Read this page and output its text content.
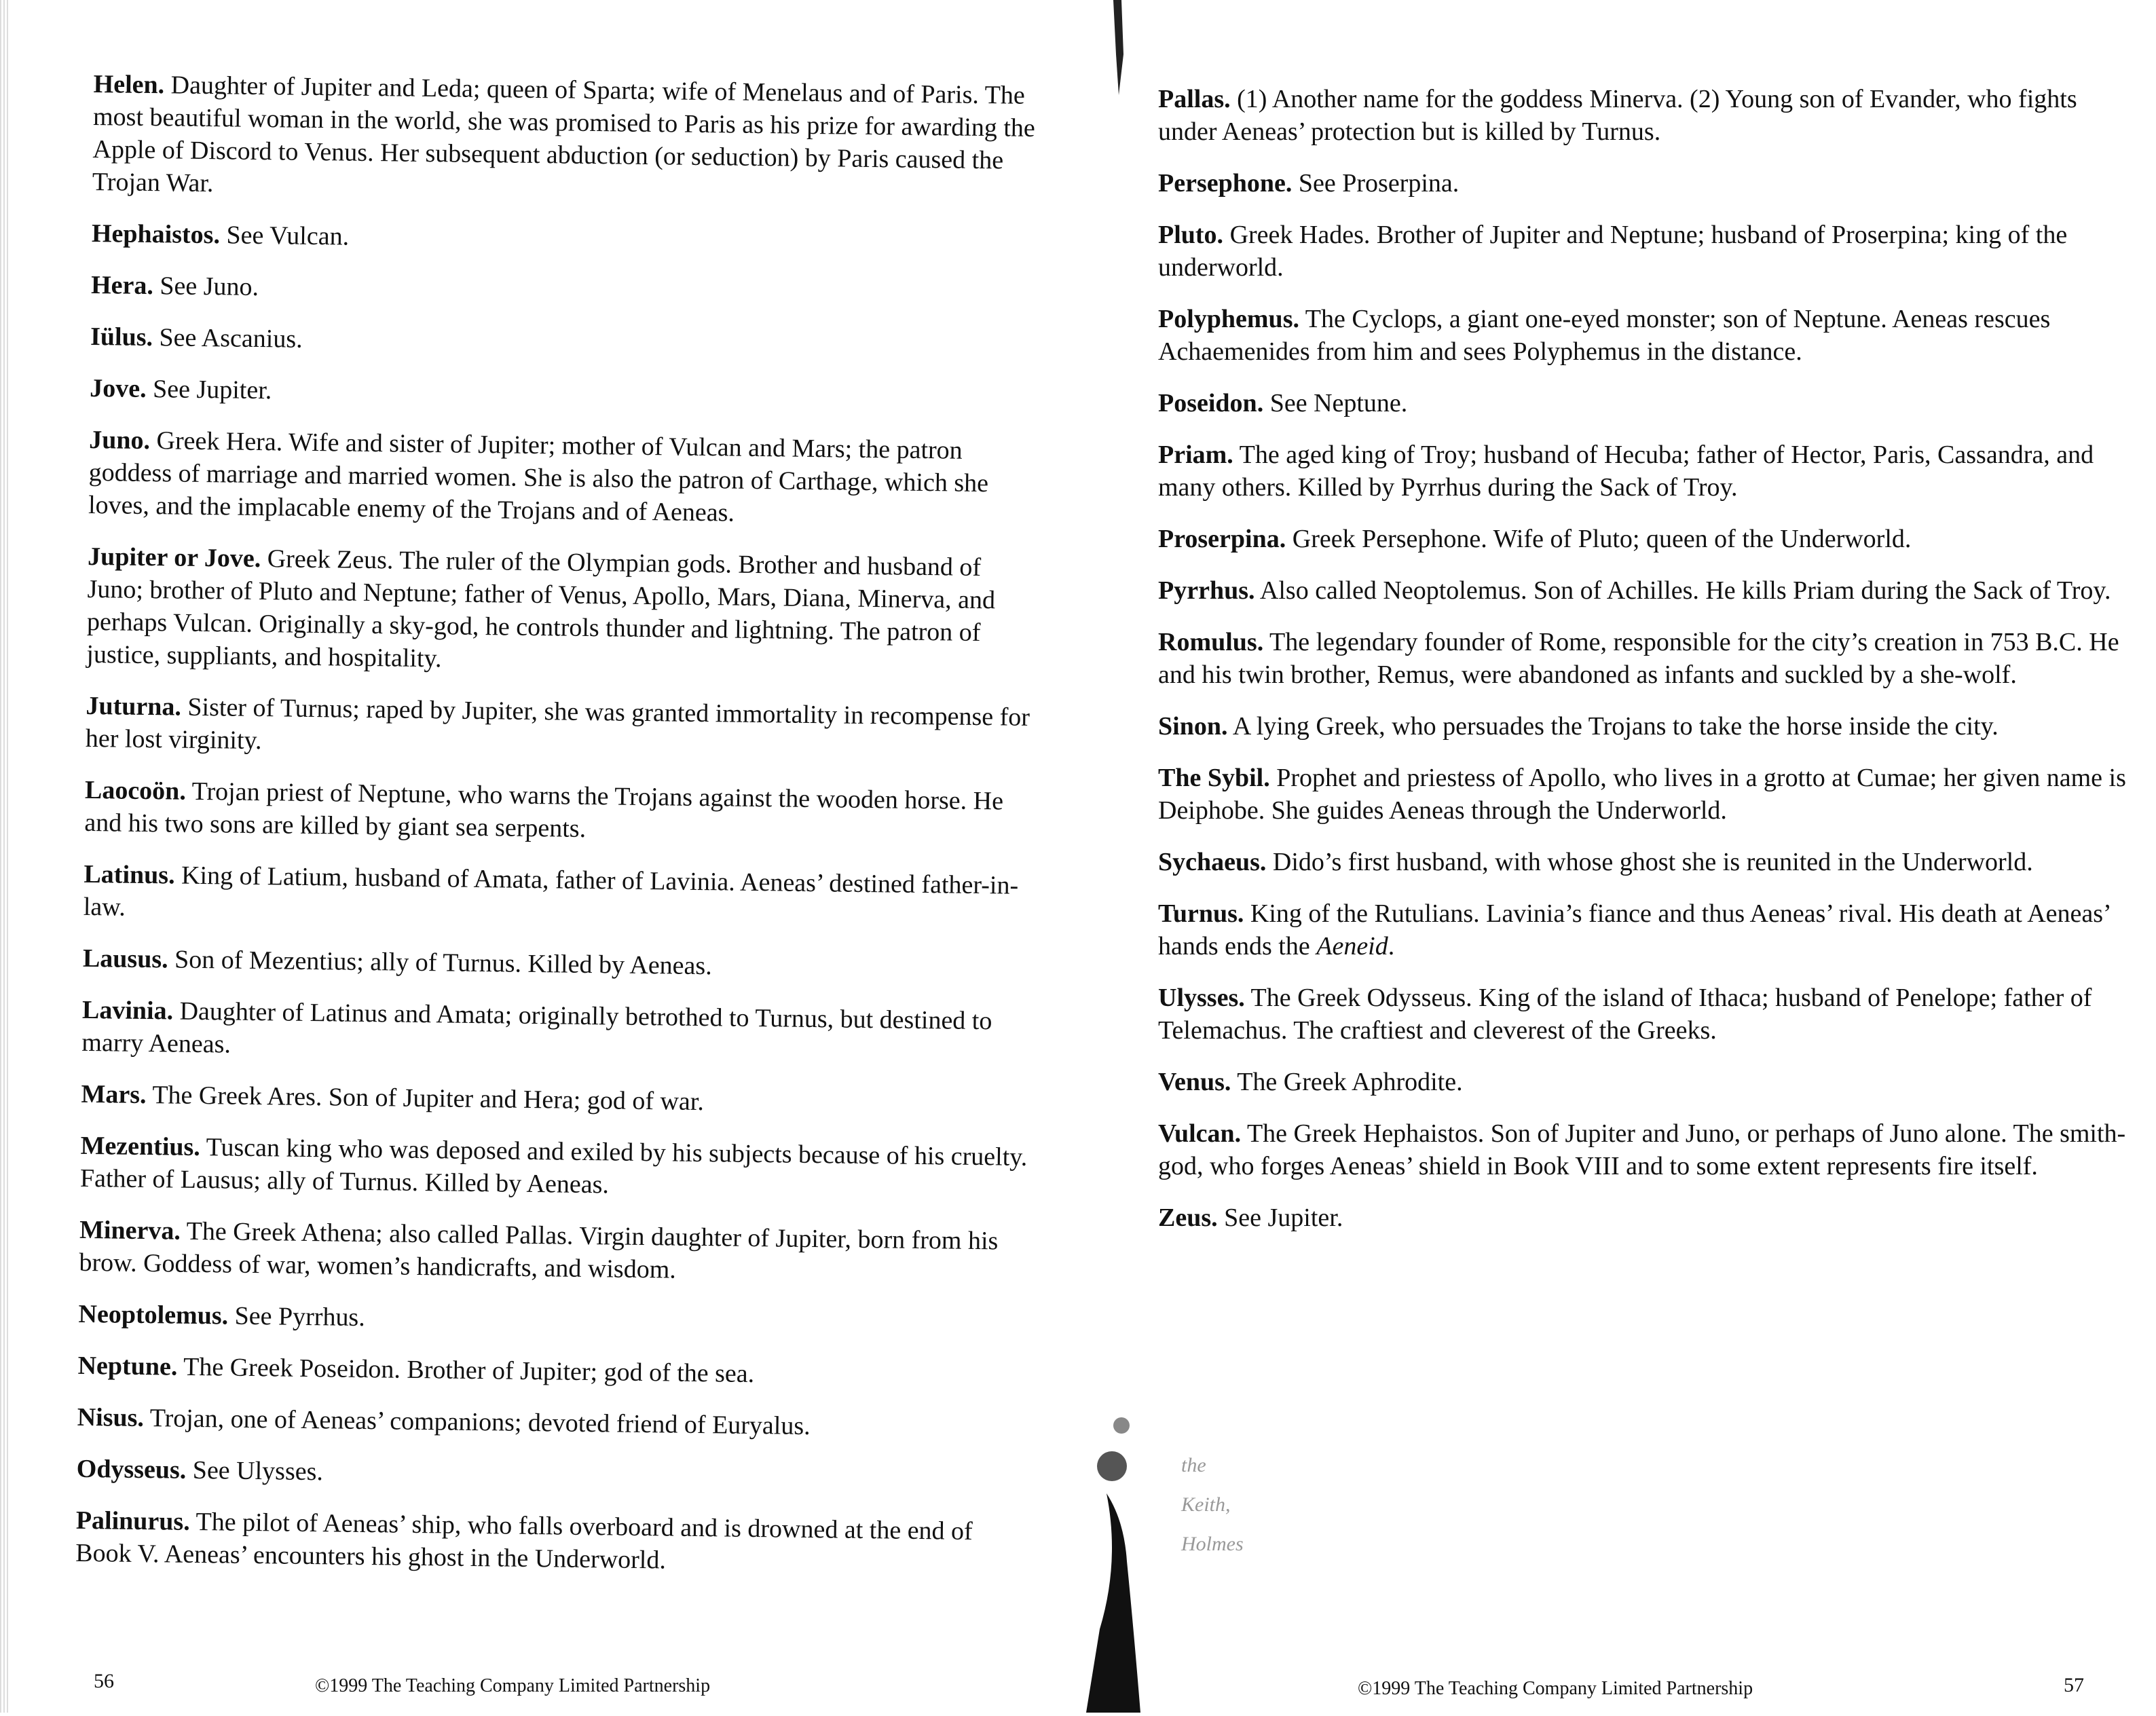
Helen. Daughter of Jupiter and Leda; queen of Sparta; wife of Menelaus and of Paris. The most beautiful woman in the world, she was promised to Paris as his prize for awarding the Apple of Discord to Venus. Her subsequent abduction (or seduction) by Paris caused the Trojan War.

Hephaistos. See Vulcan.

Hera. See Juno.

Iülus. See Ascanius.

Jove. See Jupiter.

Juno. Greek Hera. Wife and sister of Jupiter; mother of Vulcan and Mars; the patron goddess of marriage and married women. She is also the patron of Carthage, which she loves, and the implacable enemy of the Trojans and of Aeneas.

Jupiter or Jove. Greek Zeus. The ruler of the Olympian gods. Brother and husband of Juno; brother of Pluto and Neptune; father of Venus, Apollo, Mars, Diana, Minerva, and perhaps Vulcan. Originally a sky-god, he controls thunder and lightning. The patron of justice, suppliants, and hospitality.

Juturna. Sister of Turnus; raped by Jupiter, she was granted immortality in recompense for her lost virginity.

Laocoön. Trojan priest of Neptune, who warns the Trojans against the wooden horse. He and his two sons are killed by giant sea serpents.

Latinus. King of Latium, husband of Amata, father of Lavinia. Aeneas’ destined father-in-law.

Lausus. Son of Mezentius; ally of Turnus. Killed by Aeneas.

Lavinia. Daughter of Latinus and Amata; originally betrothed to Turnus, but destined to marry Aeneas.

Mars. The Greek Ares. Son of Jupiter and Hera; god of war.

Mezentius. Tuscan king who was deposed and exiled by his subjects because of his cruelty. Father of Lausus; ally of Turnus. Killed by Aeneas.

Minerva. The Greek Athena; also called Pallas. Virgin daughter of Jupiter, born from his brow. Goddess of war, women’s handicrafts, and wisdom.

Neoptolemus. See Pyrrhus.

Neptune. The Greek Poseidon. Brother of Jupiter; god of the sea.

Nisus. Trojan, one of Aeneas’ companions; devoted friend of Euryalus.

Odysseus. See Ulysses.

Palinurus. The pilot of Aeneas’ ship, who falls overboard and is drowned at the end of Book V. Aeneas’ encounters his ghost in the Underworld.

56	©1999 The Teaching Company Limited Partnership

Pallas. (1) Another name for the goddess Minerva. (2) Young son of Evander, who fights under Aeneas’ protection but is killed by Turnus.

Persephone. See Proserpina.

Pluto. Greek Hades. Brother of Jupiter and Neptune; husband of Proserpina; king of the underworld.

Polyphemus. The Cyclops, a giant one-eyed monster; son of Neptune. Aeneas rescues Achaemenides from him and sees Polyphemus in the distance.

Poseidon. See Neptune.

Priam. The aged king of Troy; husband of Hecuba; father of Hector, Paris, Cassandra, and many others. Killed by Pyrrhus during the Sack of Troy.

Proserpina. Greek Persephone. Wife of Pluto; queen of the Underworld.

Pyrrhus. Also called Neoptolemus. Son of Achilles. He kills Priam during the Sack of Troy.

Romulus. The legendary founder of Rome, responsible for the city’s creation in 753 B.C. He and his twin brother, Remus, were abandoned as infants and suckled by a she-wolf.

Sinon. A lying Greek, who persuades the Trojans to take the horse inside the city.

The Sybil. Prophet and priestess of Apollo, who lives in a grotto at Cumae; her given name is Deiphobe. She guides Aeneas through the Underworld.

Sychaeus. Dido’s first husband, with whose ghost she is reunited in the Underworld.

Turnus. King of the Rutulians. Lavinia’s fiance and thus Aeneas’ rival. His death at Aeneas’ hands ends the Aeneid.

Ulysses. The Greek Odysseus. King of the island of Ithaca; husband of Penelope; father of Telemachus. The craftiest and cleverest of the Greeks.

Venus. The Greek Aphrodite.

Vulcan. The Greek Hephaistos. Son of Jupiter and Juno, or perhaps of Juno alone. The smith-god, who forges Aeneas’ shield in Book VIII and to some extent represents fire itself.

Zeus. See Jupiter.

the
Keith,
Holmes
©1999 The Teaching Company Limited Partnership	57
